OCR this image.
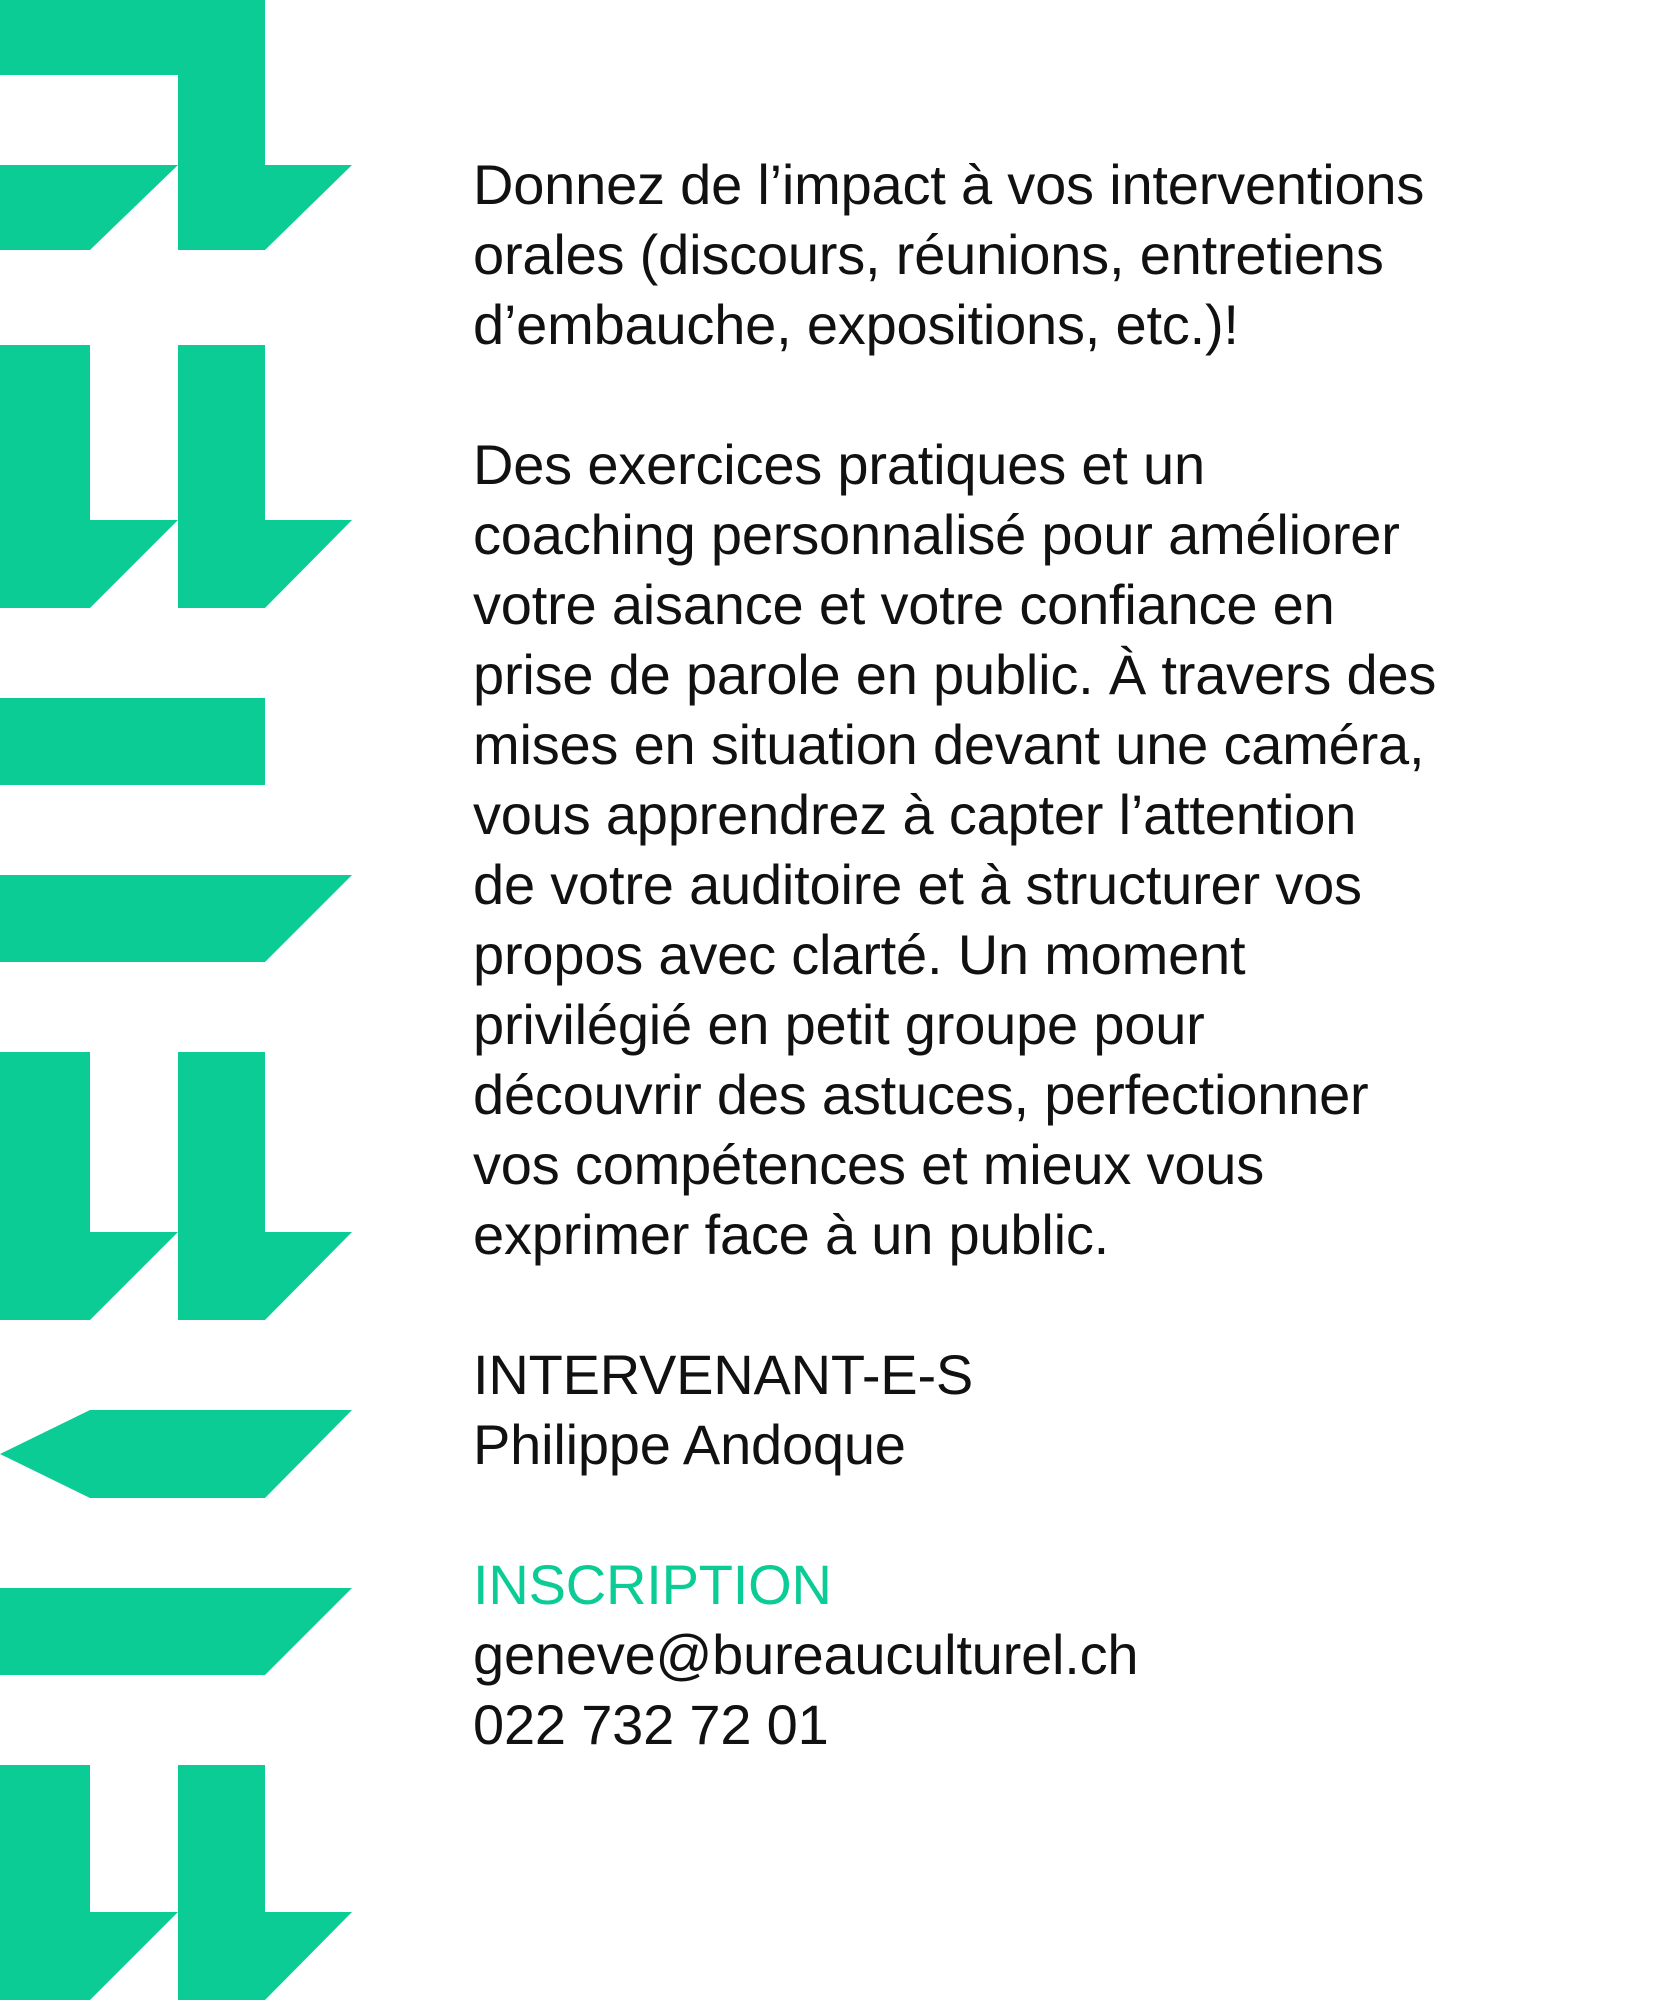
Donnez de l’impact à vos interventions
orales (discours, réunions, entretiens
d’embauche, expositions, etc.)!

Des exercices pratiques et un
coaching personnalisé pour améliorer
votre aisance et votre confiance en
prise de parole en public. À travers des
mises en situation devant une caméra,
vous apprendrez à capter l’attention
de votre auditoire et à structurer vos
propos avec clarté. Un moment
privilégié en petit groupe pour
découvrir des astuces, perfectionner
vos compétences et mieux vous
exprimer face à un public.

INTERVENANT-E-S
Philippe Andoque
INSCRIPTION
geneve@bureauculturel.ch
022 732 72 01
